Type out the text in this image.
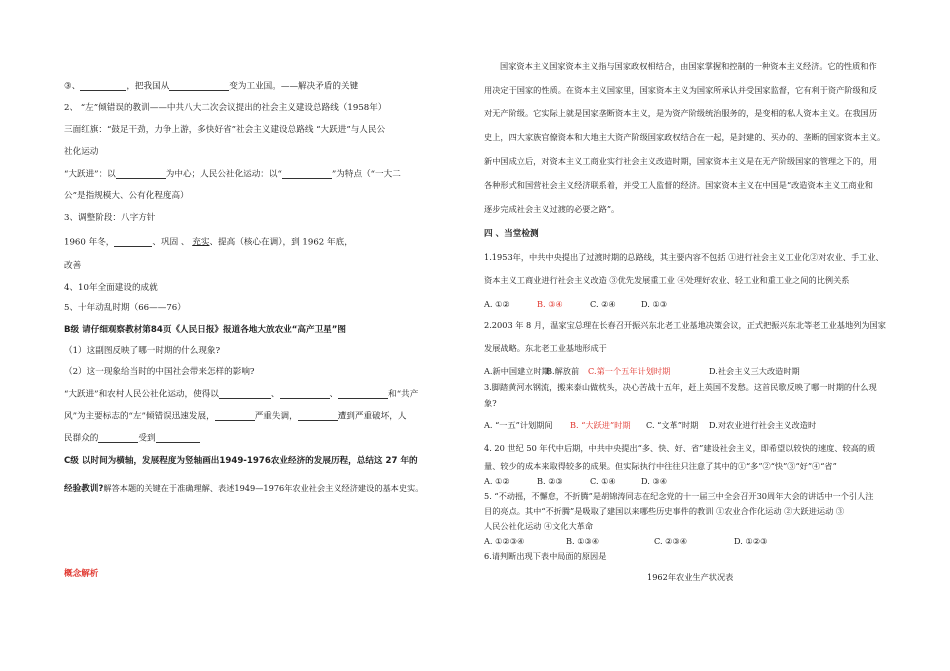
③、	，把我国从	变为工业国。——解决矛盾的关键
2、 “左”倾错误的教训——中共八大二次会议提出的社会主义建设总路线（1958年）
三面红旗：“鼓足干劲，力争上游，多快好省”社会主义建设总路线 “大跃进”与人民公
社化运动
“大跃进”：以	为中心；人民公社化运动：以“	”为特点（“一大二
公”是指规模大、公有化程度高）
3、调整阶段：八字方针
1960 年冬，	、巩固 、 充实、提高（核心在调），到 1962 年底，
改善
4、10年全面建设的成就
5、十年动乱时期（66——76）
B级 请仔细观察教材第84页《人民日报》报道各地大放农业“高产卫星”图
（1）这副图反映了哪一时期的什么现象?
（2）这一现象给当时的中国社会带来怎样的影响?
“大跃进”和农村人民公社化运动，使得以	、	、	和“共产
风”为主要标志的“左”倾错误迅速发展，	严重失调，	遭到严重破坏，人
民群众的	受到
C级 以时间为横轴，发展程度为竖轴画出1949-1976农业经济的发展历程，总结这 27 年的
经验教训?解答本题的关键在于准确理解、表述1949—1976年农业社会主义经济建设的基本史实。
概念解析
国家资本主义国家资本主义指与国家政权相结合，由国家掌握和控制的一种资本主义经济。它的性质和作
用决定于国家的性质。在资本主义国家里，国家资本主义为国家所承认并受国家监督，它有利于资产阶级和反
对无产阶级。它实际上就是国家垄断资本主义，是为资产阶级统治服务的，是变相的私人资本主义。在我国历
史上，四大家族官僚资本和大地主大资产阶级国家政权结合在一起，是封建的、买办的、垄断的国家资本主义。
新中国成立后，对资本主义工商业实行社会主义改造时期，国家资本主义是在无产阶级国家的管理之下的，用
各种形式和国营社会主义经济联系着，并受工人监督的经济。国家资本主义在中国是“改造资本主义工商业和
逐步完成社会主义过渡的必要之路”。
四 、当堂检测
1.1953年，中共中央提出了过渡时期的总路线，其主要内容不包括 ①进行社会主义工业化②对农业、手工业、
资本主义工商业进行社会主义改造 ③优先发展重工业 ④处理好农业、轻工业和重工业之间的比例关系
A. ①②	B. ③④	C. ②④	D. ①③
2.2003 年 8 月，温家宝总理在长春召开振兴东北老工业基地决策会议，正式把振兴东北等老工业基地列为国家
发展战略。东北老工业基地形成于
A.新中国建立时期
B.解放前 C.第一个五年计划时期	D.社会主义三大改造时期
3.脚踏黄河水钢流，搬来泰山做枕头，决心苦战十五年，赶上英国不发愁。这首民歌反映了哪一时期的什么现
象?
A. “一五”计划期间 B. “大跃进”时期 C. “文革”时期 D.对农业进行社会主义改造时
4. 20 世纪 50 年代中后期，中共中央提出“多、快、好、省”建设社会主义，即希望以较快的速度、较高的质
量、较少的成本来取得较多的成果。但实际执行中往往只注意了其中的①“多”②“快”③“好”④“省”
A. ①②	B. ②③	C. ①④	D. ③④
5. “不动摇，不懈怠，不折腾”是胡锦涛同志在纪念党的十一届三中全会召开30周年大会的讲话中一个引人注
目的亮点。其中“不折腾”是吸取了建国以来哪些历史事件的教训 ①农业合作化运动 ②大跃进运动 ③
人民公社化运动 ④文化大革命
A. ①②③④	B. ①③④	C. ②③④	D. ①②③
6.请判断出现下表中局面的原因是
1962年农业生产状况表
